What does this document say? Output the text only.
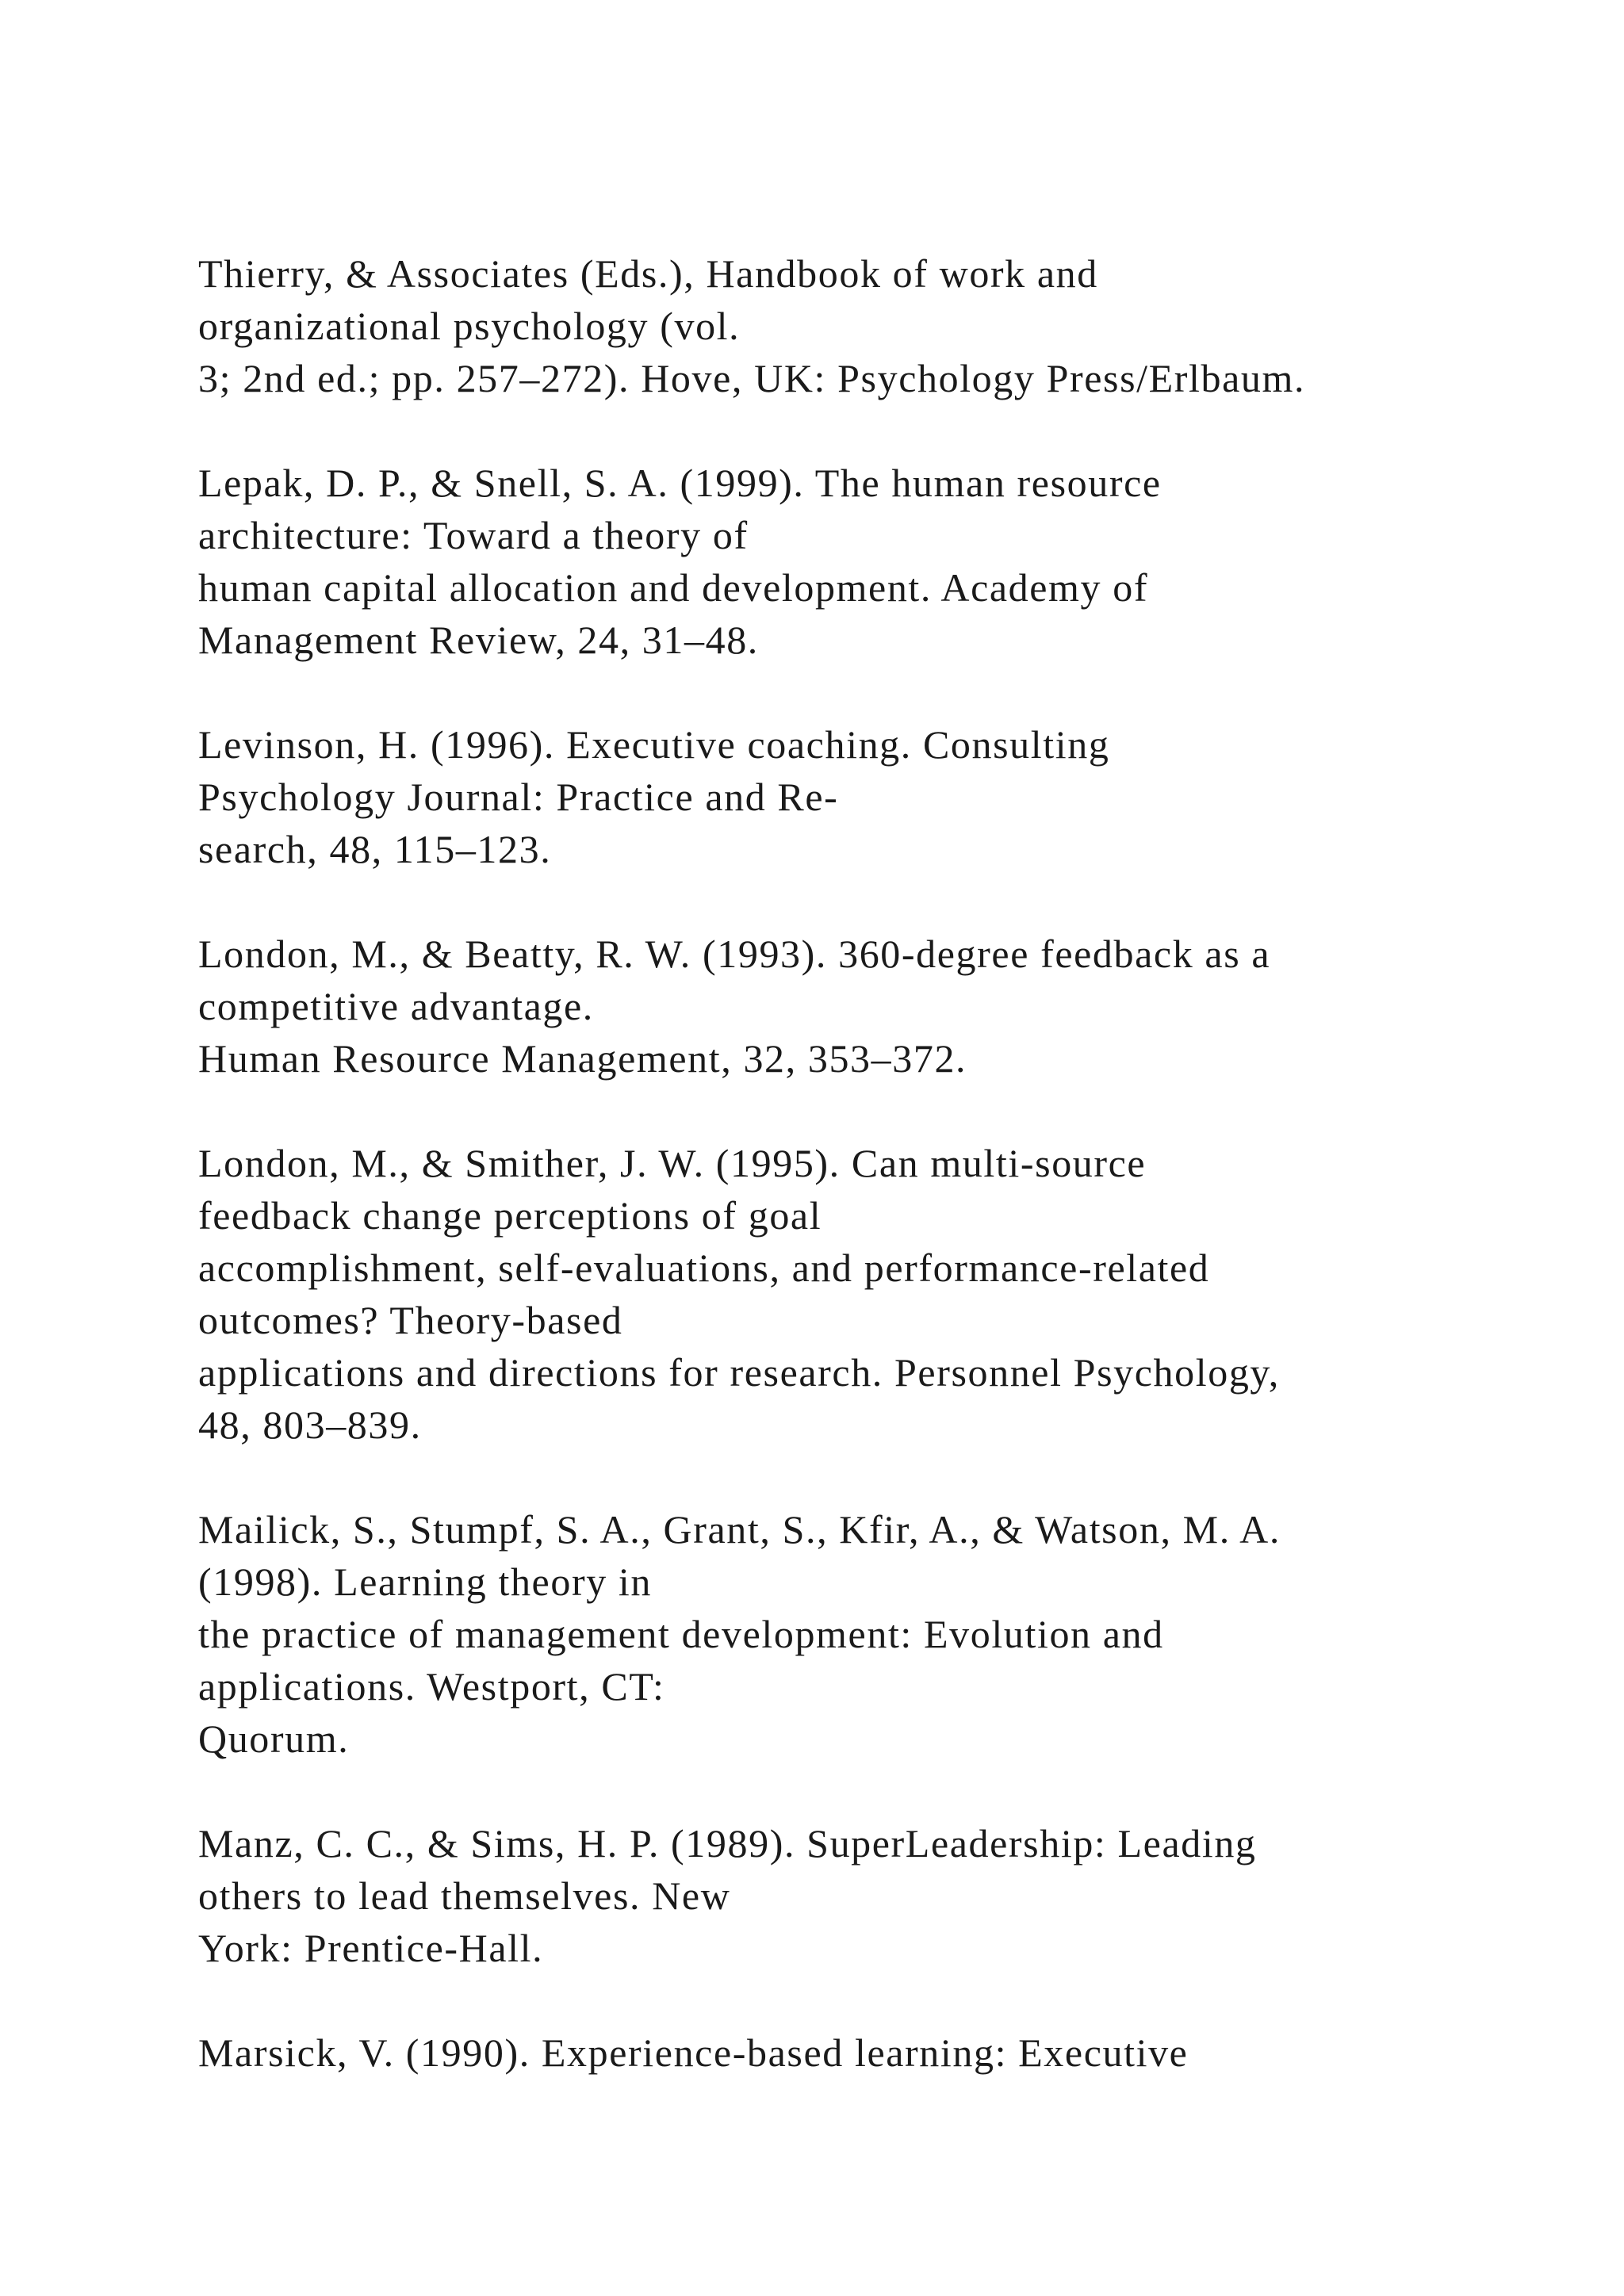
Thierry, & Associates (Eds.), Handbook of work and
organizational psychology (vol.
3; 2nd ed.; pp. 257–272). Hove, UK: Psychology Press/Erlbaum.
Lepak, D. P., & Snell, S. A. (1999). The human resource
architecture: Toward a theory of
human capital allocation and development. Academy of
Management Review, 24, 31–48.
Levinson, H. (1996). Executive coaching. Consulting
Psychology Journal: Practice and Re-
search, 48, 115–123.
London, M., & Beatty, R. W. (1993). 360-degree feedback as a
competitive advantage.
Human Resource Management, 32, 353–372.
London, M., & Smither, J. W. (1995). Can multi-source
feedback change perceptions of goal
accomplishment, self-evaluations, and performance-related
outcomes? Theory-based
applications and directions for research. Personnel Psychology,
48, 803–839.
Mailick, S., Stumpf, S. A., Grant, S., Kfir, A., & Watson, M. A.
(1998). Learning theory in
the practice of management development: Evolution and
applications. Westport, CT:
Quorum.
Manz, C. C., & Sims, H. P. (1989). SuperLeadership: Leading
others to lead themselves. New
York: Prentice-Hall.
Marsick, V. (1990). Experience-based learning: Executive
